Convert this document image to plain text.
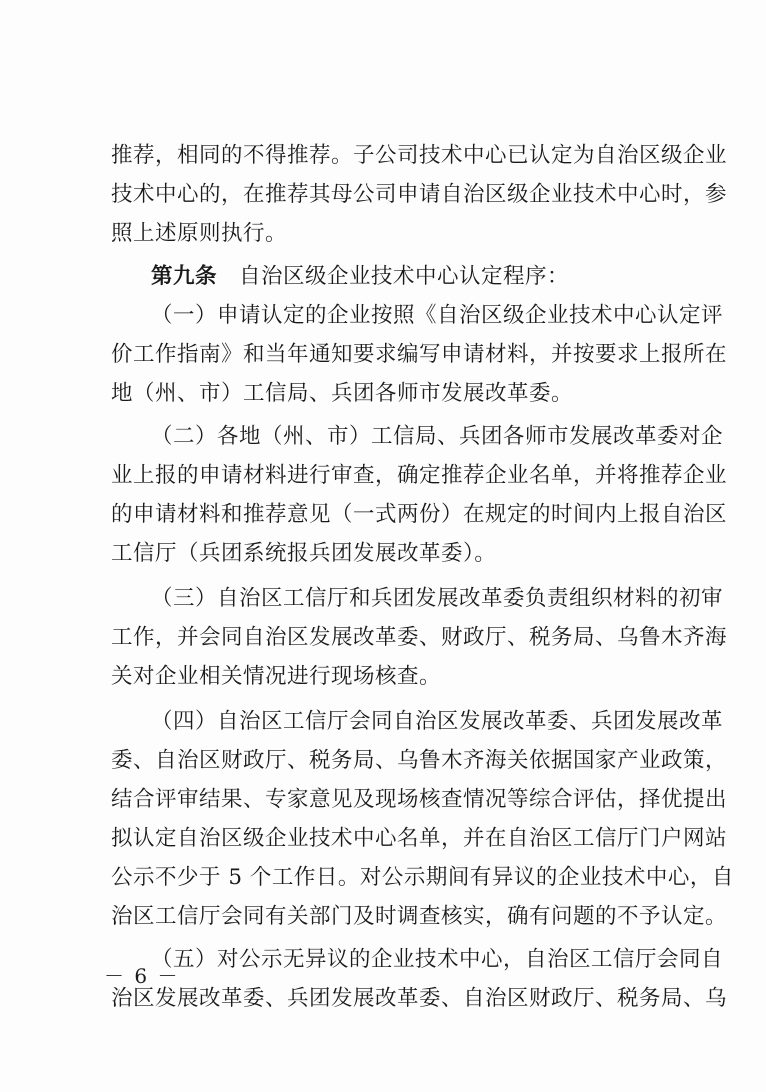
推荐，相同的不得推荐。子公司技术中心已认定为自治区级企业
技术中心的，在推荐其母公司申请自治区级企业技术中心时，参
照上述原则执行。
第九条 自治区级企业技术中心认定程序：
（一）申请认定的企业按照《自治区级企业技术中心认定评
价工作指南》和当年通知要求编写申请材料，并按要求上报所在
地（州、市）工信局、兵团各师市发展改革委。
（二）各地（州、市）工信局、兵团各师市发展改革委对企
业上报的申请材料进行审查，确定推荐企业名单，并将推荐企业
的申请材料和推荐意见（一式两份）在规定的时间内上报自治区
工信厅（兵团系统报兵团发展改革委）。
（三）自治区工信厅和兵团发展改革委负责组织材料的初审
工作，并会同自治区发展改革委、财政厅、税务局、乌鲁木齐海
关对企业相关情况进行现场核查。
（四）自治区工信厅会同自治区发展改革委、兵团发展改革
委、自治区财政厅、税务局、乌鲁木齐海关依据国家产业政策，
结合评审结果、专家意见及现场核查情况等综合评估，择优提出
拟认定自治区级企业技术中心名单，并在自治区工信厅门户网站
公示不少于 5 个工作日。对公示期间有异议的企业技术中心，自
治区工信厅会同有关部门及时调查核实，确有问题的不予认定。
（五）对公示无异议的企业技术中心，自治区工信厅会同自
治区发展改革委、兵团发展改革委、自治区财政厅、税务局、乌
－ 6 －
